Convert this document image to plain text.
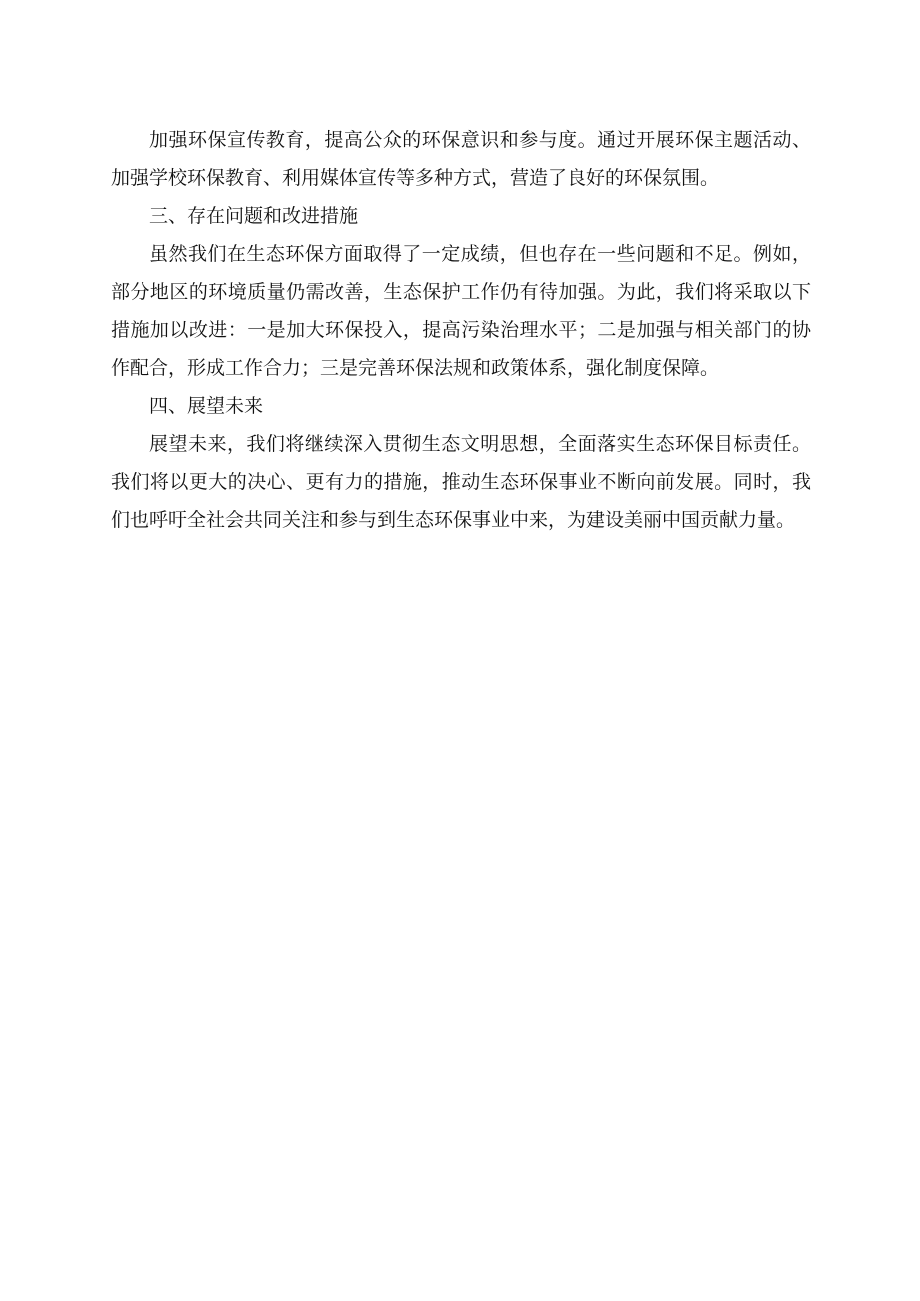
加强环保宣传教育，提高公众的环保意识和参与度。通过开展环保主题活动、加强学校环保教育、利用媒体宣传等多种方式，营造了良好的环保氛围。

三、存在问题和改进措施

虽然我们在生态环保方面取得了一定成绩，但也存在一些问题和不足。例如，部分地区的环境质量仍需改善，生态保护工作仍有待加强。为此，我们将采取以下措施加以改进：一是加大环保投入，提高污染治理水平；二是加强与相关部门的协作配合，形成工作合力；三是完善环保法规和政策体系，强化制度保障。

四、展望未来

展望未来，我们将继续深入贯彻生态文明思想，全面落实生态环保目标责任。我们将以更大的决心、更有力的措施，推动生态环保事业不断向前发展。同时，我们也呼吁全社会共同关注和参与到生态环保事业中来，为建设美丽中国贡献力量。
